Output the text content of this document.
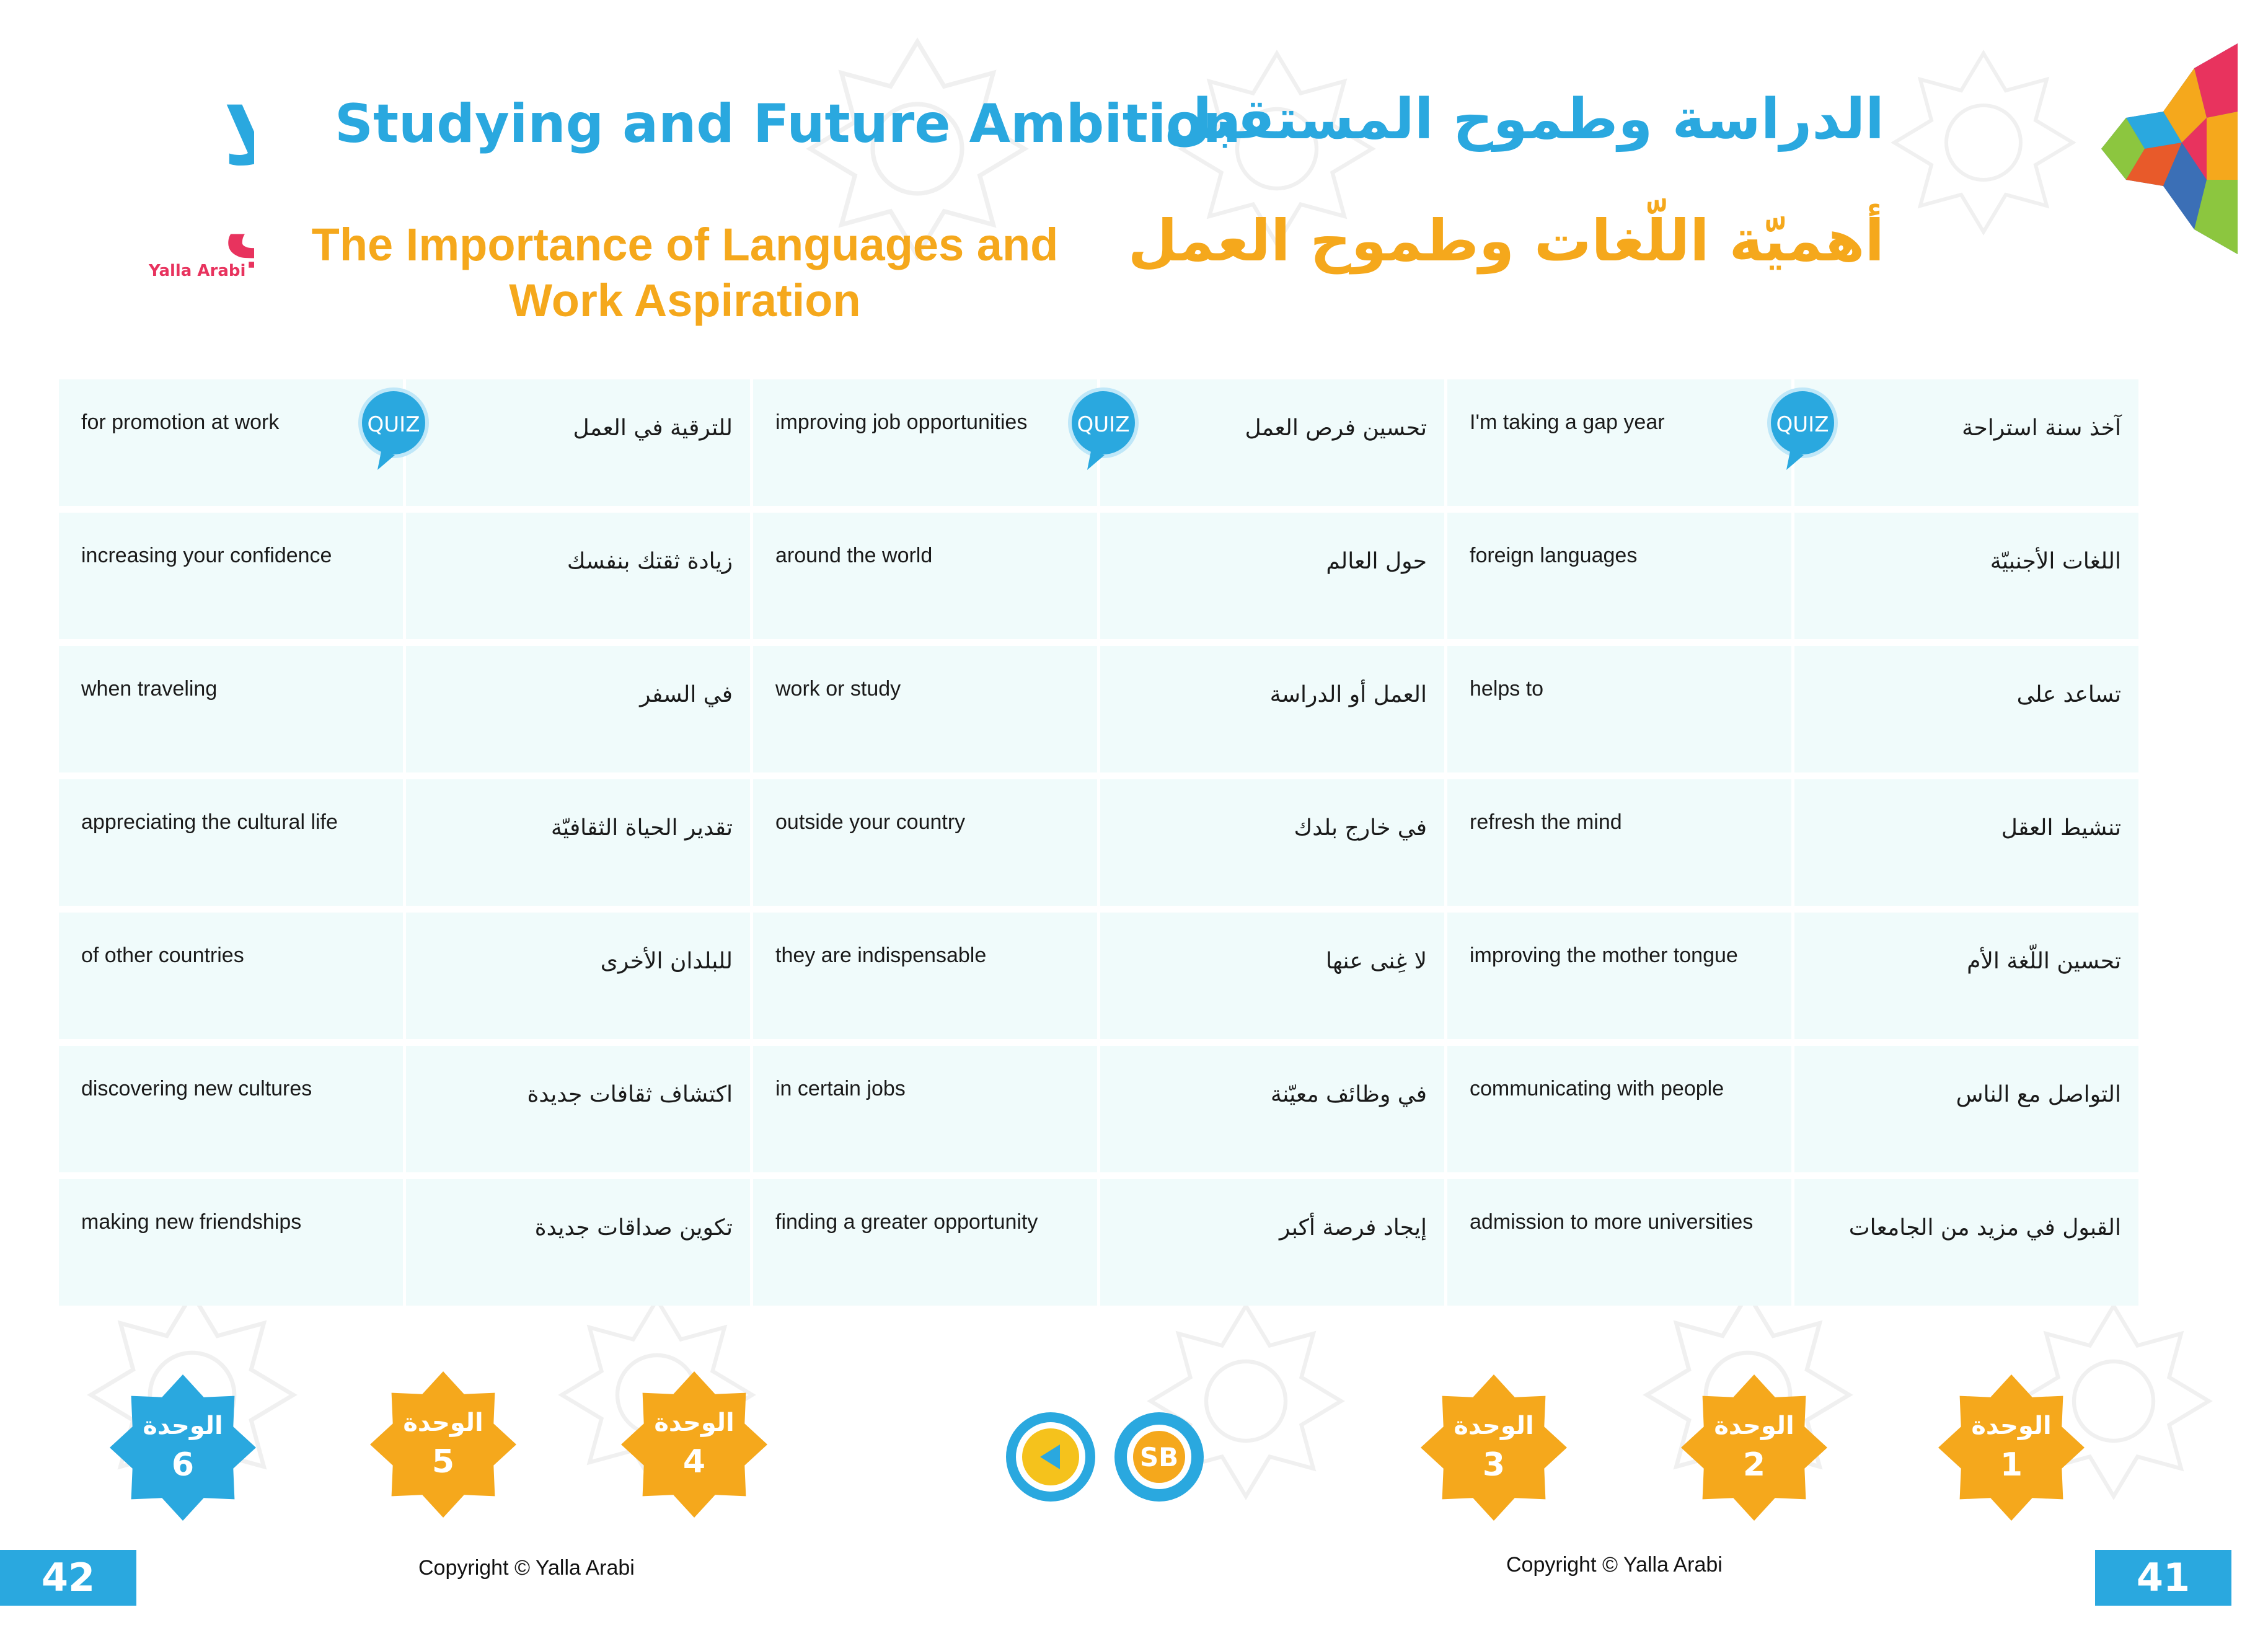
ا
Yalla Arabi
Studying and Future Ambition
الدراسة وطموح المستقبل
The Importance of Languages and
Work Aspiration
أهميّة اللّغات وطموح العمل
for promotion at work	للترقية في العمل	improving job opportunities	تحسين فرص العمل	I'm taking a gap year	آخذ سنة استراحة
increasing your confidence	زيادة ثقتك بنفسك	around the world	حول العالم	foreign languages	اللغات الأجنبيّة
when traveling	في السفر	work or study	العمل أو الدراسة	helps to	تساعد على
appreciating the cultural life	تقدير الحياة الثقافيّة	outside your country	في خارج بلدك	refresh the mind	تنشيط العقل
of other countries	للبلدان الأخرى	they are indispensable	لا غِنى عنها	improving the mother tongue	تحسين اللّغة الأم
discovering new cultures	اكتشاف ثقافات جديدة	in certain jobs	في وظائف معيّنة	communicating with people	التواصل مع الناس
making new friendships	تكوين صداقات جديدة	finding a greater opportunity	إيجاد فرصة أكبر	admission to more universities	القبول في مزيد من الجامعات
QUIZ	QUIZ	QUIZ
الوحدة
6
الوحدة
5
الوحدة
4
الوحدة
3
الوحدة
2
الوحدة
1
SB
42	41
Copyright © Yalla Arabi	Copyright © Yalla Arabi
